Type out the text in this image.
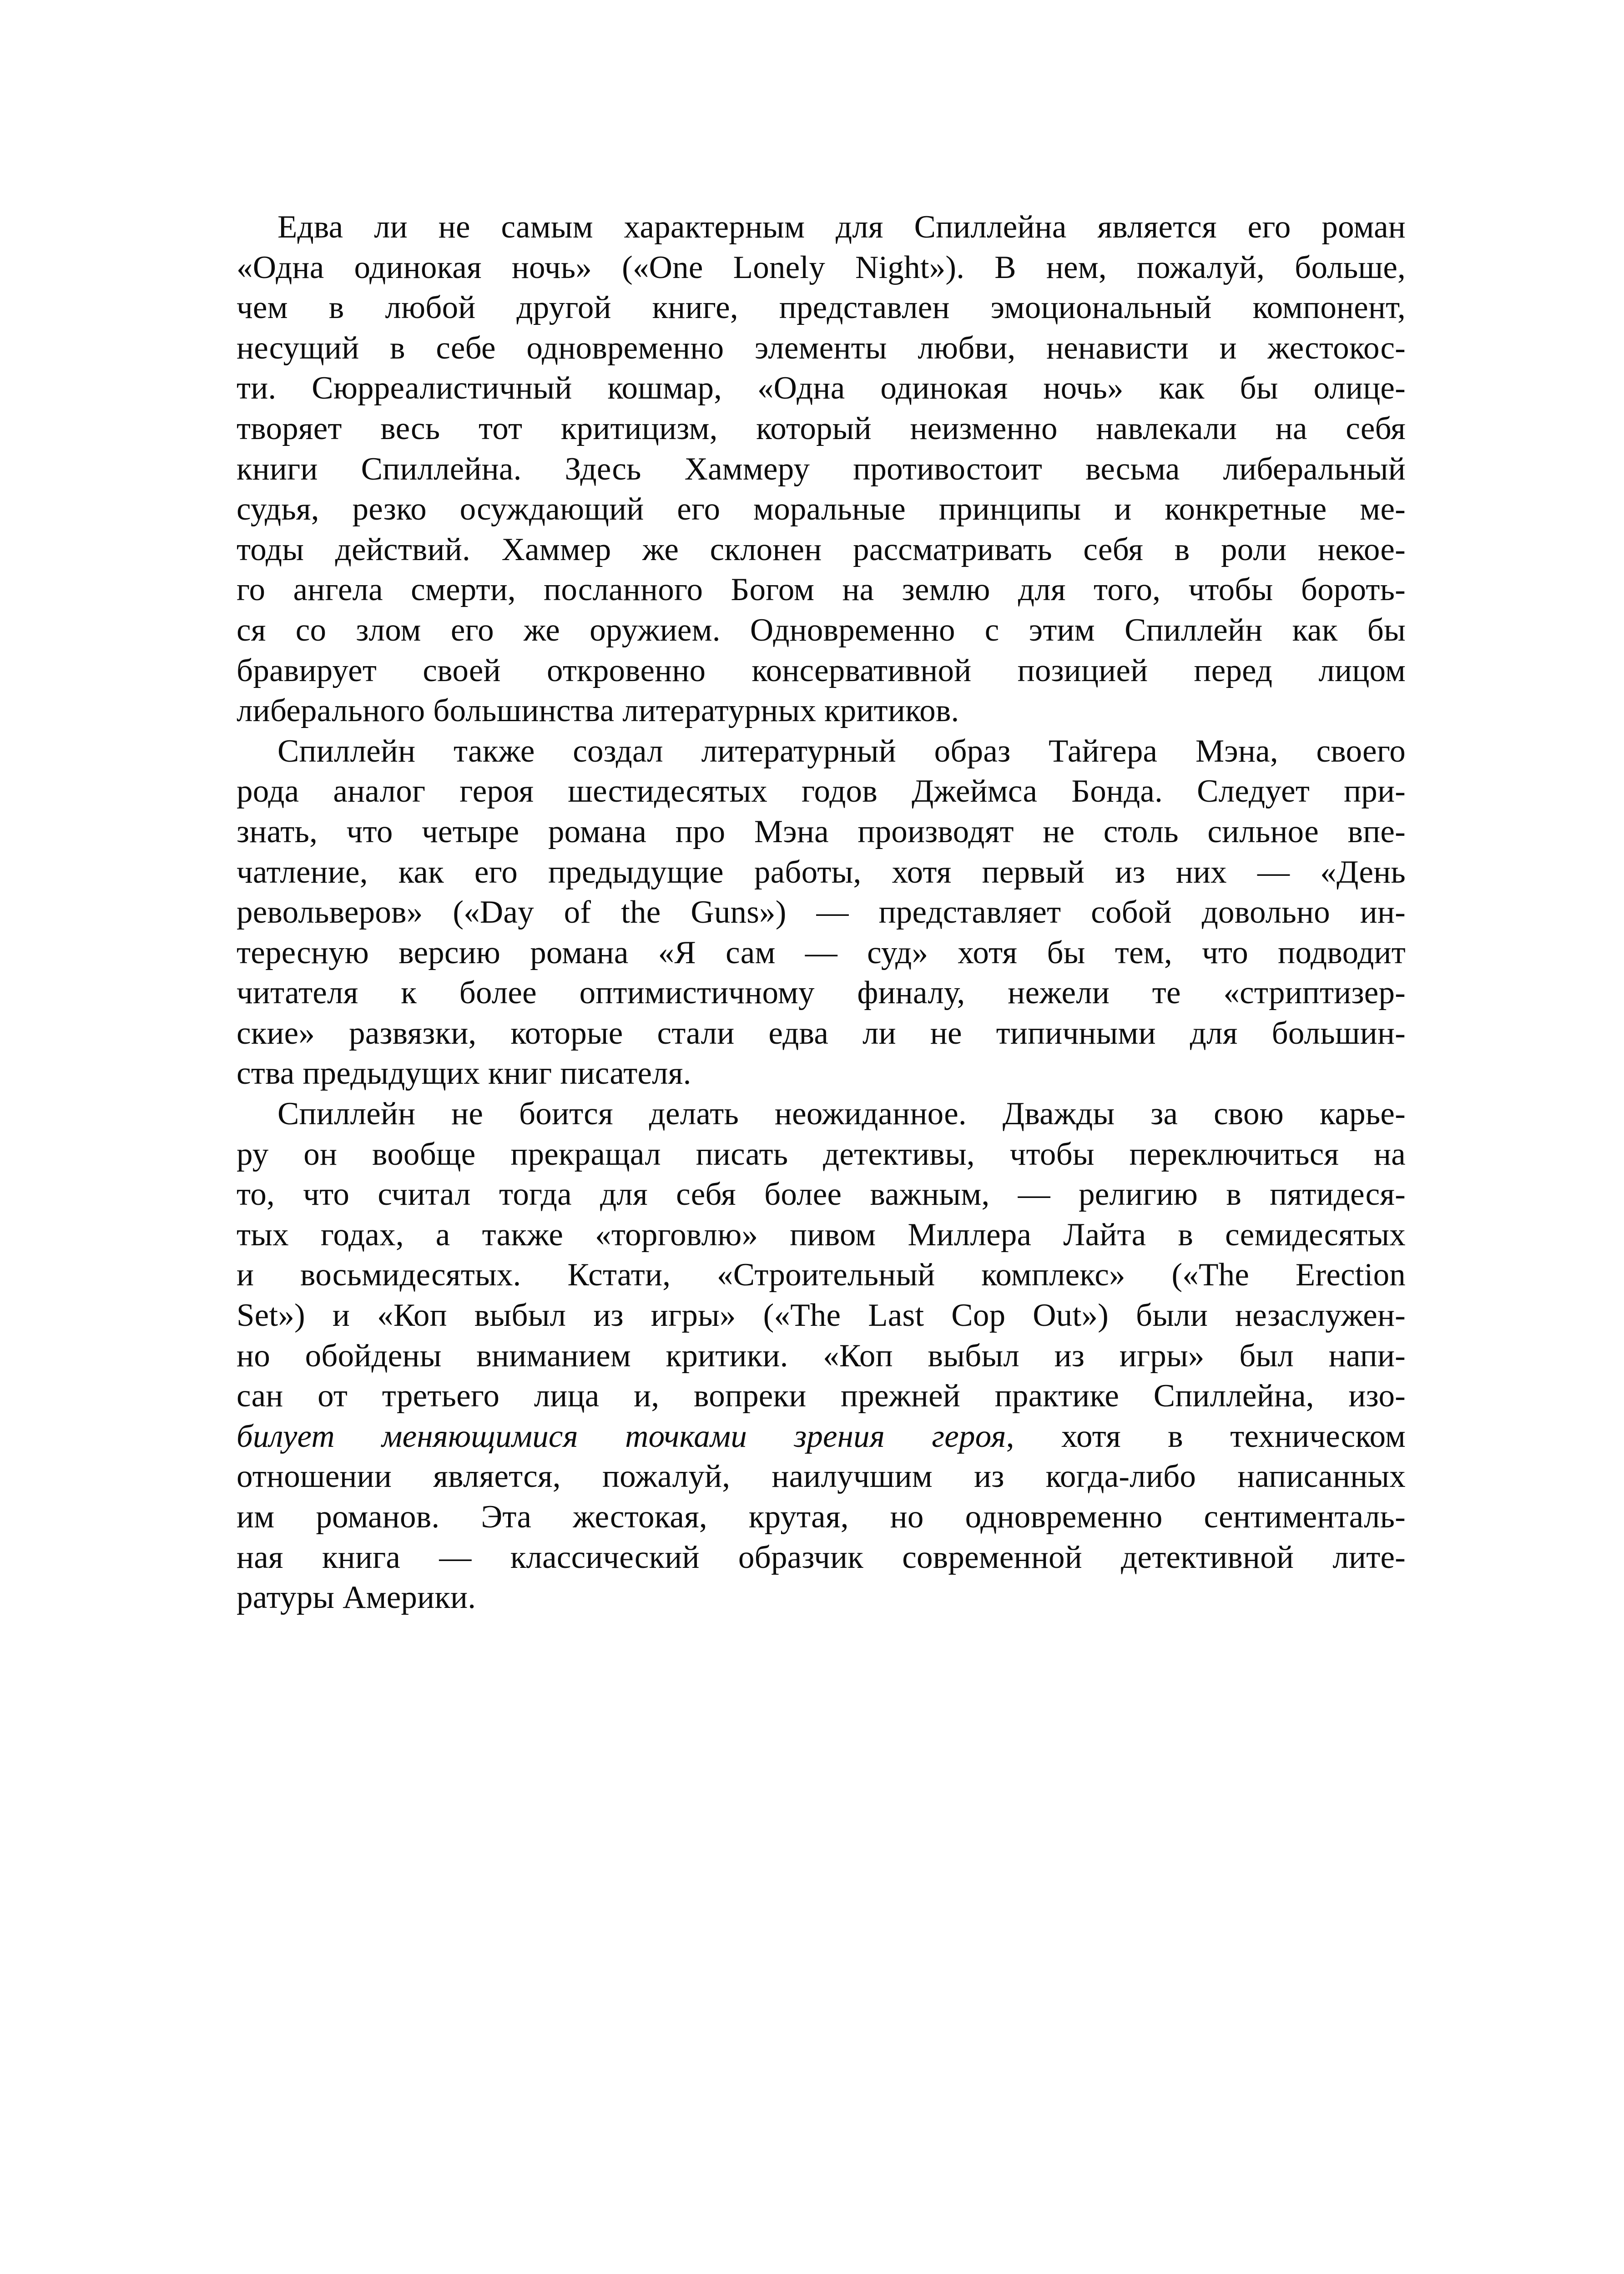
Едва ли не самым характерным для Спиллейна является его роман
«Одна одинокая ночь» («One Lonely Night»). В нем, пожалуй, больше,
чем в любой другой книге, представлен эмоциональный компонент,
несущий в себе одновременно элементы любви, ненависти и жестокос-
ти. Сюрреалистичный кошмар, «Одна одинокая ночь» как бы олице-
творяет весь тот критицизм, который неизменно навлекали на себя
книги Спиллейна. Здесь Хаммеру противостоит весьма либеральный
судья, резко осуждающий его моральные принципы и конкретные ме-
тоды действий. Хаммер же склонен рассматривать себя в роли некое-
го ангела смерти, посланного Богом на землю для того, чтобы бороть-
ся со злом его же оружием. Одновременно с этим Спиллейн как бы
бравирует своей откровенно консервативной позицией перед лицом
либерального большинства литературных критиков.
Спиллейн также создал литературный образ Тайгера Мэна, своего
рода аналог героя шестидесятых годов Джеймса Бонда. Следует при-
знать, что четыре романа про Мэна производят не столь сильное впе-
чатление, как его предыдущие работы, хотя первый из них — «День
револьверов» («Day of the Guns») — представляет собой довольно ин-
тересную версию романа «Я сам — суд» хотя бы тем, что подводит
читателя к более оптимистичному финалу, нежели те «стриптизер-
ские» развязки, которые стали едва ли не типичными для большин-
ства предыдущих книг писателя.
Спиллейн не боится делать неожиданное. Дважды за свою карье-
ру он вообще прекращал писать детективы, чтобы переключиться на
то, что считал тогда для себя более важным, — религию в пятидеся-
тых годах, а также «торговлю» пивом Миллера Лайта в семидесятых
и восьмидесятых. Кстати, «Строительный комплекс» («The Erection
Set») и «Коп выбыл из игры» («The Last Cop Out») были незаслужен-
но обойдены вниманием критики. «Коп выбыл из игры» был напи-
сан от третьего лица и, вопреки прежней практике Спиллейна, изо-
билует меняющимися точками зрения героя, хотя в техническом
отношении является, пожалуй, наилучшим из когда-либо написанных
им романов. Эта жестокая, крутая, но одновременно сентименталь-
ная книга — классический образчик современной детективной лите-
ратуры Америки.
